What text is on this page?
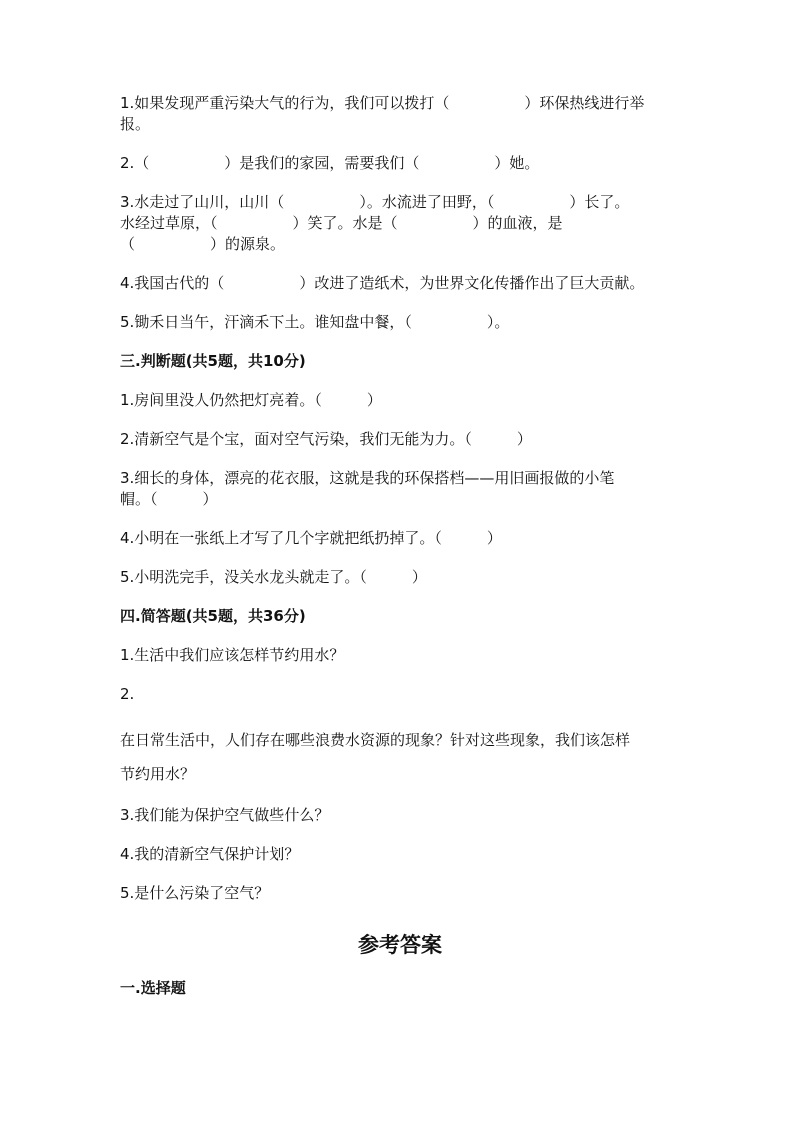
1.如果发现严重污染大气的行为，我们可以拨打（　　　　　）环保热线进行举

报。

2.（　　　　　）是我们的家园，需要我们（　　　　　）她。

3.水走过了山川，山川（　　　　　）。水流进了田野，（　　　　　）长了。

水经过草原，（　　　　　）笑了。水是（　　　　　）的血液，是

（　　　　　）的源泉。

4.我国古代的（　　　　　）改进了造纸术，为世界文化传播作出了巨大贡献。

5.锄禾日当午，汗滴禾下土。谁知盘中餐，（　　　　　）。

三.判断题(共5题，共10分)

1.房间里没人仍然把灯亮着。（　　　）

2.清新空气是个宝，面对空气污染，我们无能为力。（　　　）

3.细长的身体，漂亮的花衣服，这就是我的环保搭档——用旧画报做的小笔

帽。（　　　）

4.小明在一张纸上才写了几个字就把纸扔掉了。（　　　）

5.小明洗完手，没关水龙头就走了。（　　　）

四.简答题(共5题，共36分)

1.生活中我们应该怎样节约用水？

2.

在日常生活中，人们存在哪些浪费水资源的现象？针对这些现象，我们该怎样

节约用水？

3.我们能为保护空气做些什么？

4.我的清新空气保护计划？

5.是什么污染了空气？

参考答案

一.选择题
